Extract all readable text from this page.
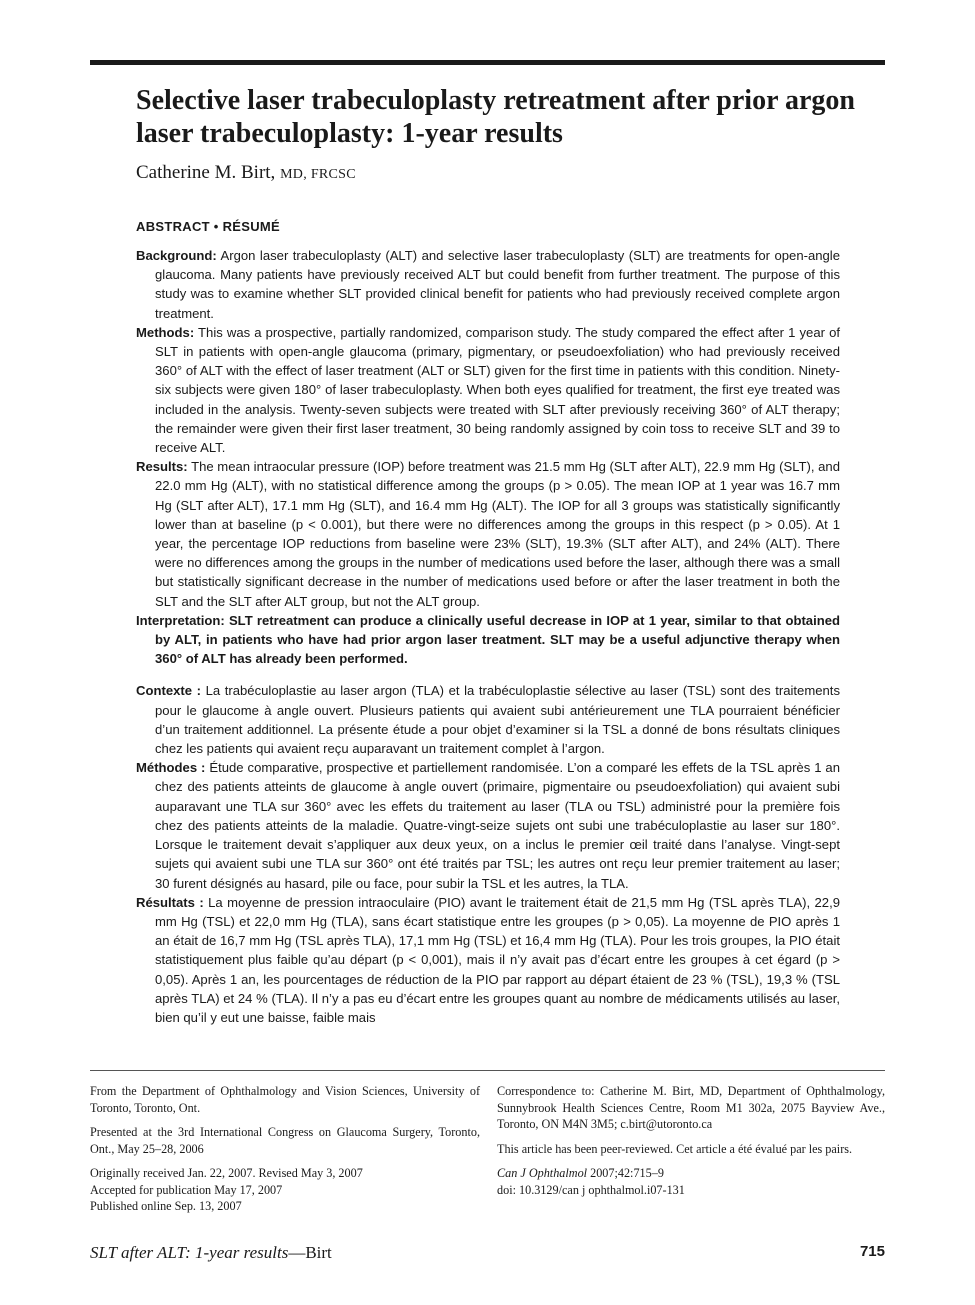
Selective laser trabeculoplasty retreatment after prior argon laser trabeculoplasty: 1-year results
Catherine M. Birt, MD, FRCSC
ABSTRACT • RÉSUMÉ

Background: Argon laser trabeculoplasty (ALT) and selective laser trabeculoplasty (SLT) are treatments for open-angle glaucoma. Many patients have previously received ALT but could benefit from further treatment. The purpose of this study was to examine whether SLT provided clinical benefit for patients who had previously received complete argon treatment.

Methods: This was a prospective, partially randomized, comparison study. The study compared the effect after 1 year of SLT in patients with open-angle glaucoma (primary, pigmentary, or pseudoexfoliation) who had previously received 360° of ALT with the effect of laser treatment (ALT or SLT) given for the first time in patients with this condition. Ninety-six subjects were given 180° of laser trabeculoplasty. When both eyes qualified for treatment, the first eye treated was included in the analysis. Twenty-seven subjects were treated with SLT after previously receiving 360° of ALT therapy; the remainder were given their first laser treatment, 30 being randomly assigned by coin toss to receive SLT and 39 to receive ALT.

Results: The mean intraocular pressure (IOP) before treatment was 21.5 mm Hg (SLT after ALT), 22.9 mm Hg (SLT), and 22.0 mm Hg (ALT), with no statistical difference among the groups (p > 0.05). The mean IOP at 1 year was 16.7 mm Hg (SLT after ALT), 17.1 mm Hg (SLT), and 16.4 mm Hg (ALT). The IOP for all 3 groups was statistically significantly lower than at baseline (p < 0.001), but there were no differences among the groups in this respect (p > 0.05). At 1 year, the percentage IOP reductions from baseline were 23% (SLT), 19.3% (SLT after ALT), and 24% (ALT). There were no differences among the groups in the number of medications used before the laser, although there was a small but statistically significant decrease in the number of medications used before or after the laser treatment in both the SLT and the SLT after ALT group, but not the ALT group.

Interpretation: SLT retreatment can produce a clinically useful decrease in IOP at 1 year, similar to that obtained by ALT, in patients who have had prior argon laser treatment. SLT may be a useful adjunctive therapy when 360° of ALT has already been performed.

Contexte : La trabéculoplastie au laser argon (TLA) et la trabéculoplastie sélective au laser (TSL) sont des traitements pour le glaucome à angle ouvert. Plusieurs patients qui avaient subi antérieurement une TLA pourraient bénéficier d’un traitement additionnel. La présente étude a pour objet d’examiner si la TSL a donné de bons résultats cliniques chez les patients qui avaient reçu auparavant un traitement complet à l’argon.

Méthodes : Étude comparative, prospective et partiellement randomisée. L’on a comparé les effets de la TSL après 1 an chez des patients atteints de glaucome à angle ouvert (primaire, pigmentaire ou pseudoexfoliation) qui avaient subi auparavant une TLA sur 360° avec les effets du traitement au laser (TLA ou TSL) administré pour la première fois chez des patients atteints de la maladie. Quatre-vingt-seize sujets ont subi une trabéculoplastie au laser sur 180°. Lorsque le traitement devait s’appliquer aux deux yeux, on a inclus le premier œil traité dans l’analyse. Vingt-sept sujets qui avaient subi une TLA sur 360° ont été traités par TSL; les autres ont reçu leur premier traitement au laser; 30 furent désignés au hasard, pile ou face, pour subir la TSL et les autres, la TLA.

Résultats : La moyenne de pression intraoculaire (PIO) avant le traitement était de 21,5 mm Hg (TSL après TLA), 22,9 mm Hg (TSL) et 22,0 mm Hg (TLA), sans écart statistique entre les groupes (p > 0,05). La moyenne de PIO après 1 an était de 16,7 mm Hg (TSL après TLA), 17,1 mm Hg (TSL) et 16,4 mm Hg (TLA). Pour les trois groupes, la PIO était statistiquement plus faible qu’au départ (p < 0,001), mais il n’y avait pas d’écart entre les groupes à cet égard (p > 0,05). Après 1 an, les pourcentages de réduction de la PIO par rapport au départ étaient de 23 % (TSL), 19,3 % (TSL après TLA) et 24 % (TLA). Il n’y a pas eu d’écart entre les groupes quant au nombre de médicaments utilisés au laser, bien qu’il y eut une baisse, faible mais

From the Department of Ophthalmology and Vision Sciences, University of Toronto, Toronto, Ont.

Presented at the 3rd International Congress on Glaucoma Surgery, Toronto, Ont., May 25–28, 2006

Originally received Jan. 22, 2007. Revised May 3, 2007
Accepted for publication May 17, 2007
Published online Sep. 13, 2007

Correspondence to: Catherine M. Birt, MD, Department of Ophthalmology, Sunnybrook Health Sciences Centre, Room M1 302a, 2075 Bayview Ave., Toronto, ON M4N 3M5; c.birt@utoronto.ca

This article has been peer-reviewed. Cet article a été évalué par les pairs.

Can J Ophthalmol 2007;42:715–9
doi: 10.3129/can j ophthalmol.i07-131

SLT after ALT: 1-year results—Birt	715
